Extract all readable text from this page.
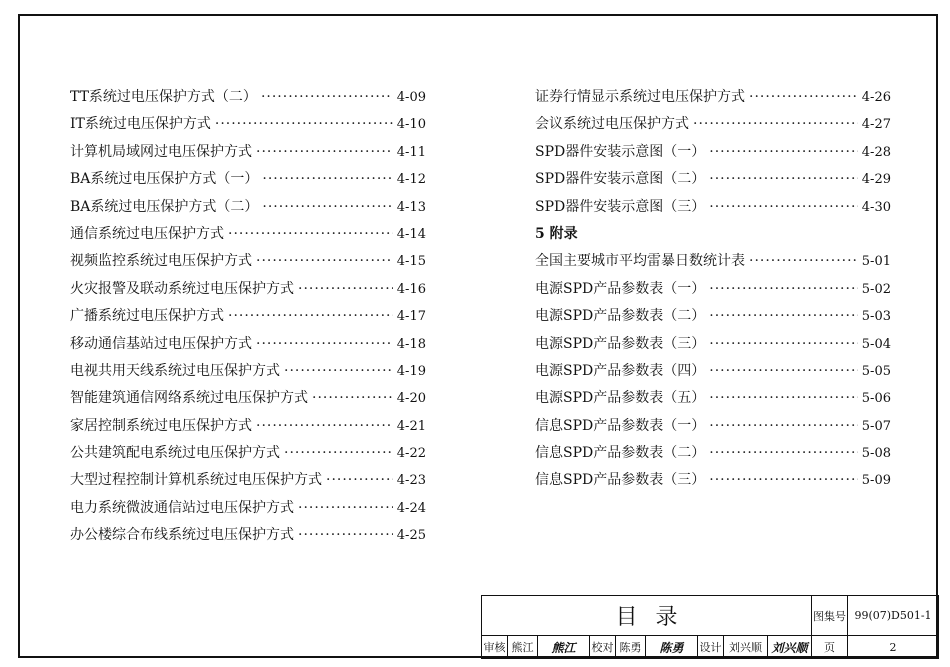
TT系统过电压保护方式（二） ·····	4-09
IT系统过电压保护方式 ·····	4-10
计算机局域网过电压保护方式 ·····	4-11
BA系统过电压保护方式（一） ·····	4-12
BA系统过电压保护方式（二） ·····	4-13
通信系统过电压保护方式 ·····	4-14
视频监控系统过电压保护方式 ·····	4-15
火灾报警及联动系统过电压保护方式 ·····	4-16
广播系统过电压保护方式 ·····	4-17
移动通信基站过电压保护方式 ·····	4-18
电视共用天线系统过电压保护方式 ·····	4-19
智能建筑通信网络系统过电压保护方式 ·····	4-20
家居控制系统过电压保护方式 ·····	4-21
公共建筑配电系统过电压保护方式 ·····	4-22
大型过程控制计算机系统过电压保护方式 ·····	4-23
电力系统微波通信站过电压保护方式 ·····	4-24
办公楼综合布线系统过电压保护方式 ·····	4-25
证券行情显示系统过电压保护方式 ·····	4-26
会议系统过电压保护方式 ·····	4-27
SPD器件安装示意图（一） ·····	4-28
SPD器件安装示意图（二） ·····	4-29
SPD器件安装示意图（三） ·····	4-30
5 附录
全国主要城市平均雷暴日数统计表 ·····	5-01
电源SPD产品参数表（一） ·····	5-02
电源SPD产品参数表（二） ·····	5-03
电源SPD产品参数表（三） ·····	5-04
电源SPD产品参数表（四） ·····	5-05
电源SPD产品参数表（五） ·····	5-06
信息SPD产品参数表（一） ·····	5-07
信息SPD产品参数表（二） ·····	5-08
信息SPD产品参数表（三） ·····	5-09
目录									图集号	99(07)D501-1
审核	熊江	熊江	校对	陈勇	陈勇	设计	刘兴顺	刘兴顺	页	2
